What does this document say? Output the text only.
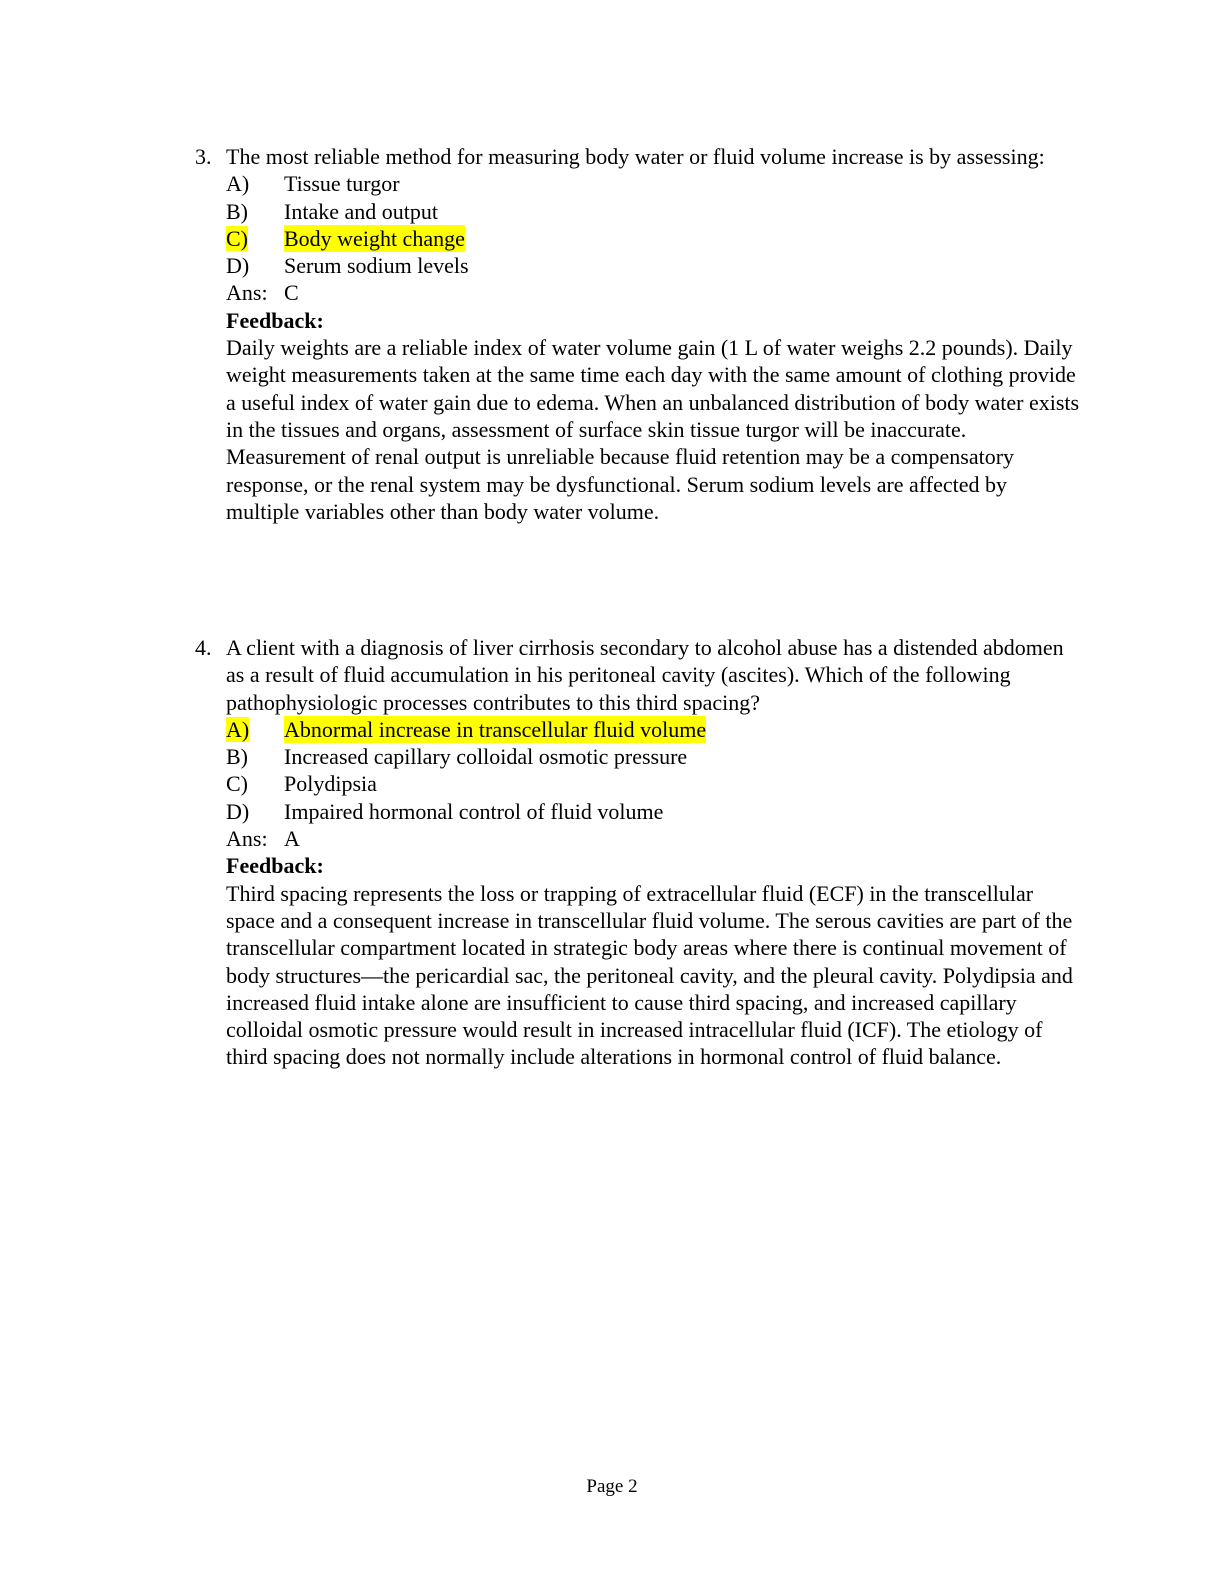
3. The most reliable method for measuring body water or fluid volume increase is by assessing:
A)	Tissue turgor
B)	Intake and output
C)	Body weight change
D)	Serum sodium levels
Ans: C
Feedback:
Daily weights are a reliable index of water volume gain (1 L of water weighs 2.2 pounds). Daily weight measurements taken at the same time each day with the same amount of clothing provide a useful index of water gain due to edema. When an unbalanced distribution of body water exists in the tissues and organs, assessment of surface skin tissue turgor will be inaccurate. Measurement of renal output is unreliable because fluid retention may be a compensatory response, or the renal system may be dysfunctional. Serum sodium levels are affected by multiple variables other than body water volume.
4. A client with a diagnosis of liver cirrhosis secondary to alcohol abuse has a distended abdomen as a result of fluid accumulation in his peritoneal cavity (ascites). Which of the following pathophysiologic processes contributes to this third spacing?
A)	Abnormal increase in transcellular fluid volume
B)	Increased capillary colloidal osmotic pressure
C)	Polydipsia
D)	Impaired hormonal control of fluid volume
Ans: A
Feedback:
Third spacing represents the loss or trapping of extracellular fluid (ECF) in the transcellular space and a consequent increase in transcellular fluid volume. The serous cavities are part of the transcellular compartment located in strategic body areas where there is continual movement of body structures—the pericardial sac, the peritoneal cavity, and the pleural cavity. Polydipsia and increased fluid intake alone are insufficient to cause third spacing, and increased capillary colloidal osmotic pressure would result in increased intracellular fluid (ICF). The etiology of third spacing does not normally include alterations in hormonal control of fluid balance.
Page 2
